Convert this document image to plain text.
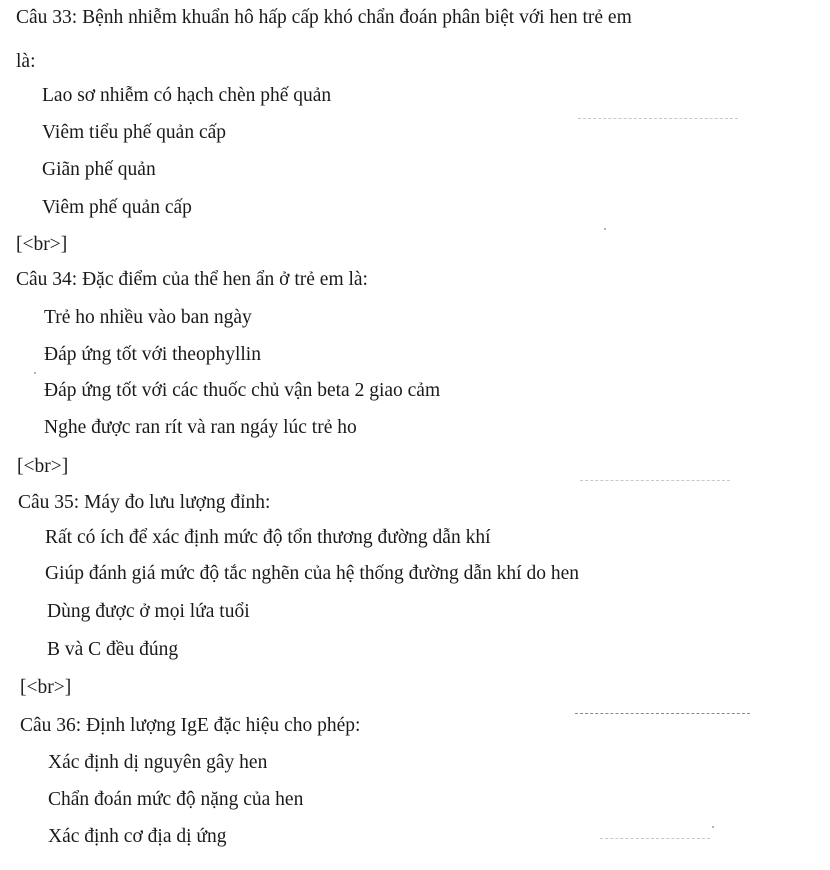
Câu 33: Bệnh nhiễm khuẩn hô hấp cấp khó chẩn đoán phân biệt với hen trẻ em
là:
Lao sơ nhiễm có hạch chèn phế quản
Viêm tiểu phế quản cấp
Giãn phế quản
Viêm phế quản cấp
[<br>]
Câu 34: Đặc điểm của thể hen ẩn ở trẻ em là:
Trẻ ho nhiều vào ban ngày
Đáp ứng tốt với theophyllin
Đáp ứng tốt với các thuốc chủ vận beta 2 giao cảm
Nghe được ran rít và ran ngáy lúc trẻ ho
[<br>]
Câu 35: Máy đo lưu lượng đỉnh:
Rất có ích để xác định mức độ tổn thương đường dẫn khí
Giúp đánh giá mức độ tắc nghẽn của hệ thống đường dẫn khí do hen
Dùng được ở mọi lứa tuổi
B và C đều đúng
[<br>]
Câu 36: Định lượng IgE đặc hiệu cho phép:
Xác định dị nguyên gây hen
Chẩn đoán mức độ nặng của hen
Xác định cơ địa dị ứng
